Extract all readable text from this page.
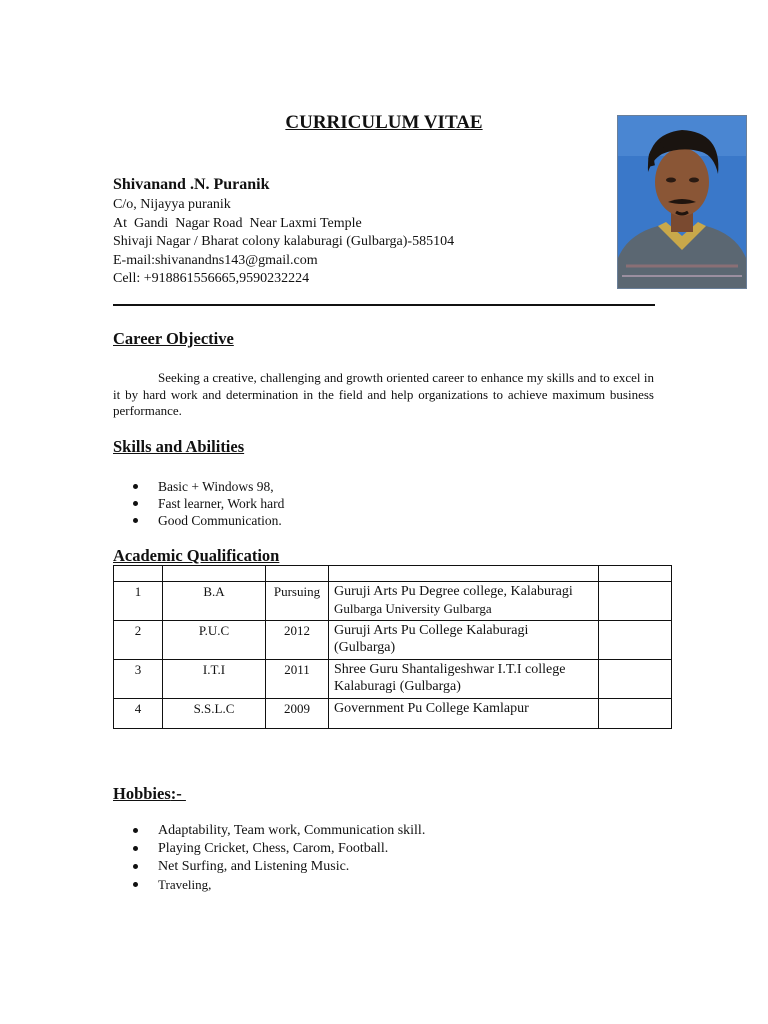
CURRICULUM VITAE
Shivanand .N. Puranik
C/o, Nijayya puranik
At  Gandi  Nagar Road  Near Laxmi Temple
Shivaji Nagar / Bharat colony kalaburagi (Gulbarga)-585104
E-mail:shivanandns143@gmail.com
Cell: +918861556665,9590232224
Career Objective
Seeking a creative, challenging and growth oriented career to enhance my skills and to excel in it by hard work and determination in the field and help organizations to achieve maximum business performance.
Skills and Abilities
Basic + Windows 98,
Fast learner, Work hard
Good Communication.
Academic Qualification

1	B.A	Pursuing	Guruji Arts Pu Degree college, Kalaburagi
Gulbarga University Gulbarga	

2	P.U.C	2012	Guruji Arts Pu College Kalaburagi (Gulbarga)	

3	I.T.I	2011	Shree Guru Shantaligeshwar I.T.I college Kalaburagi (Gulbarga)	

4	S.S.L.C	2009	Government Pu College Kamlapur	

Hobbies:-
Adaptability, Team work, Communication skill.
Playing Cricket, Chess, Carom, Football.
Net Surfing, and Listening Music.
Traveling,
